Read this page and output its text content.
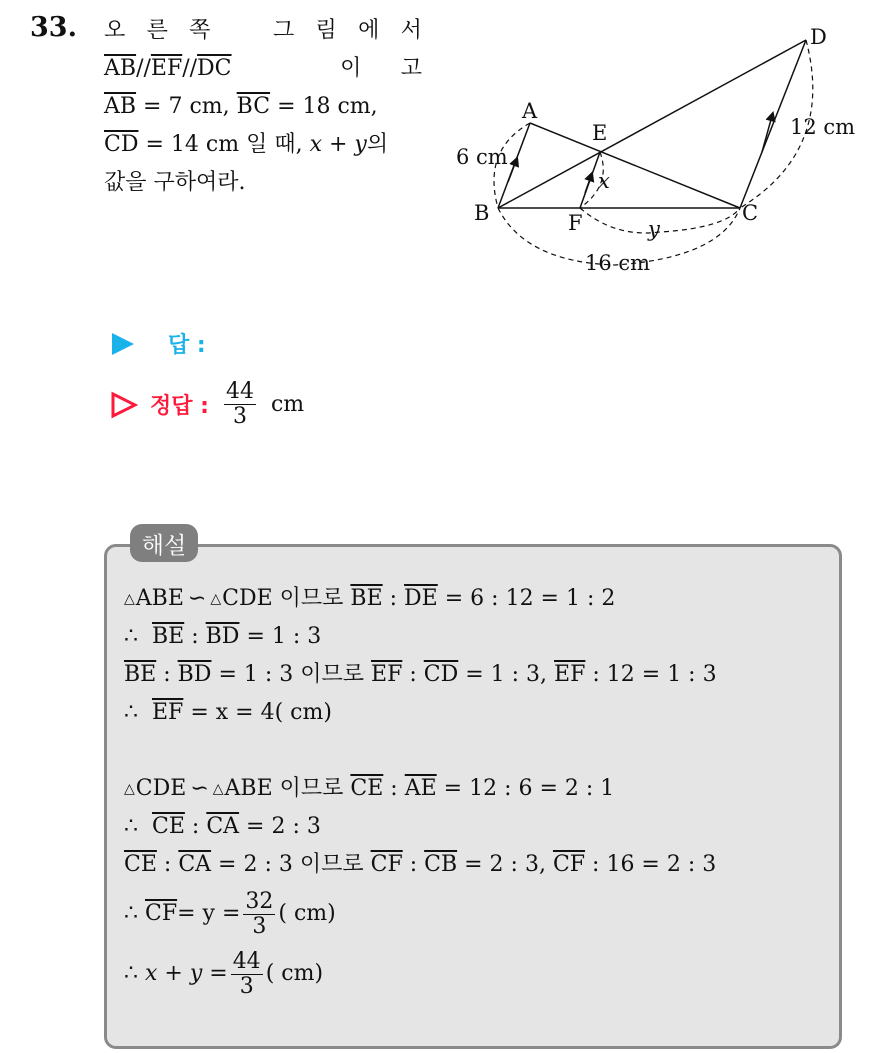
33. 오 른 쪽	그 림 에 서
$\overline{AB}//\overline{EF}//\overline{DC}$	이 고
$\overline{AB} = 7$ cm, $\overline{BC} = 18$ cm,
$\overline{CD} = 14$ cm 일 때, x + y의
값을 구하여라.
D
A
E
B	F	C
6 cm
12 cm
16 cm
x
y
답 :
정답 : $\frac{44}{3}$ cm
해설
△ABE ∽ △CDE 이므로 $\overline{BE}$ : $\overline{DE} = 6$ : 12 = 1 : 2
∴  $\overline{BE}$ : $\overline{BD} = 1$ : 3
$\overline{BE}$ : $\overline{BD} = 1$ : 3 이므로 $\overline{EF}$ : $\overline{CD} = 1$ : 3, $\overline{EF}$ : 12 = 1 : 3
∴  $\overline{EF} = x = 4$( cm)
△CDE ∽ △ABE 이므로 $\overline{CE}$ : $\overline{AE} = 12$ : 6 = 2 : 1
∴  $\overline{CE}$ : $\overline{CA} = 2$ : 3
$\overline{CE}$ : $\overline{CA} = 2$ : 3 이므로 $\overline{CF}$ : $\overline{CB} = 2$ : 3, $\overline{CF}$ : 16 = 2 : 3
∴
$\overline{CF} = y = \frac{32}{3}$ ( cm)
∴
$x + y = \frac{44}{3}$ ( cm)
